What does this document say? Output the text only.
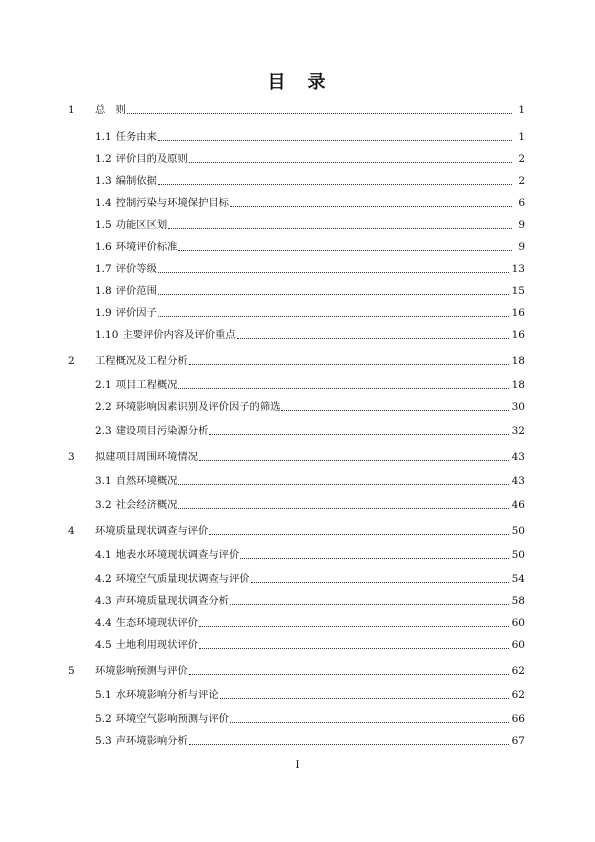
目　录
1 总　则	1
1.1 任务由来	1
1.2 评价目的及原则	2
1.3 编制依据	2
1.4 控制污染与环境保护目标	6
1.5 功能区区划	9
1.6 环境评价标准	9
1.7 评价等级	13
1.8 评价范围	15
1.9 评价因子	16
1.10 主要评价内容及评价重点	16
2 工程概况及工程分析	18
2.1 项目工程概况	18
2.2 环境影响因素识别及评价因子的筛选	30
2.3 建设项目污染源分析	32
3 拟建项目周围环境情况	43
3.1 自然环境概况	43
3.2 社会经济概况	46
4 环境质量现状调查与评价	50
4.1 地表水环境现状调查与评价	50
4.2 环境空气质量现状调查与评价	54
4.3 声环境质量现状调查分析	58
4.4 生态环境现状评价	60
4.5 土地利用现状评价	60
5 环境影响预测与评价	62
5.1 水环境影响分析与评论	62
5.2 环境空气影响预测与评价	66
5.3 声环境影响分析	67
I
